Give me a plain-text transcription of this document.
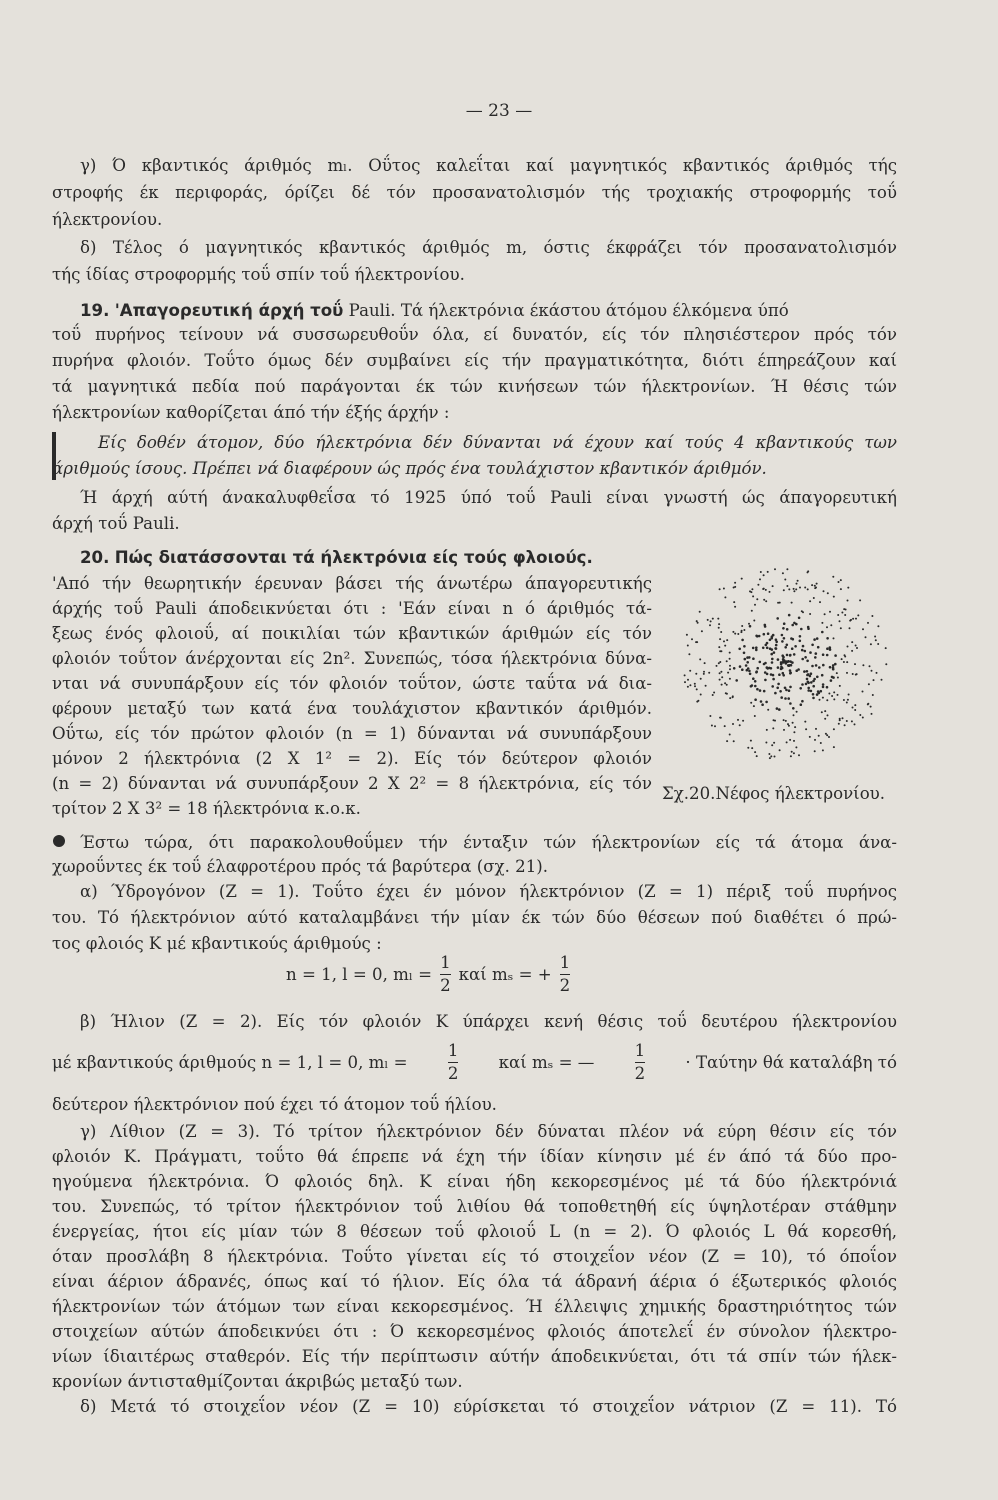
— 23 —
γ) Ό κβαντικός άριθμός mₗ. Οΰτος καλεΐται καί μαγνητικός κβαντικός άριθμός τής
στροφής έκ περιφοράς, όρίζει δέ τόν προσανατολισμόν τής τροχιακής στροφορμής τοΰ
ήλεκτρονίου.
δ) Τέλος ό μαγνητικός κβαντικός άριθμός m, όστις έκφράζει τόν προσανατολισμόν
τής ίδίας στροφορμής τοΰ σπίν τοΰ ήλεκτρονίου.
19. 'Απαγορευτική άρχή τοΰ Pauli. Τά ήλεκτρόνια έκάστου άτόμου έλκόμενα ύπό
τοΰ πυρήνος τείνουν νά συσσωρευθοΰν όλα, εί δυνατόν, είς τόν πλησιέστερον πρός τόν
πυρήνα φλοιόν. Τοΰτο όμως δέν συμβαίνει είς τήν πραγματικότητα, διότι έπηρεάζουν καί
τά μαγνητικά πεδία πού παράγονται έκ τών κινήσεων τών ήλεκτρονίων. Ή θέσις τών
ήλεκτρονίων καθορίζεται άπό τήν έξής άρχήν :
Είς δοθέν άτομον, δύο ήλεκτρόνια δέν δύνανται νά έχουν καί τούς 4 κβαντικούς των
άριθμούς ίσους. Πρέπει νά διαφέρουν ώς πρός ένα τουλάχιστον κβαντικόν άριθμόν.
Ή άρχή αύτή άνακαλυφθεΐσα τό 1925 ύπό τοΰ Pauli είναι γνωστή ώς άπαγορευτική
άρχή τοΰ Pauli.
20. Πώς διατάσσονται τά ήλεκτρόνια είς τούς φλοιούς.
'Από τήν θεωρητικήν έρευναν βάσει τής άνωτέρω άπαγορευτικής
άρχής τοΰ Pauli άποδεικνύεται ότι : 'Εάν είναι n ό άριθμός τά-
ξεως ένός φλοιοΰ, αί ποικιλίαι τών κβαντικών άριθμών είς τόν
φλοιόν τοΰτον άνέρχονται είς 2n². Συνεπώς, τόσα ήλεκτρόνια δύνα-
νται νά συνυπάρξουν είς τόν φλοιόν τοΰτον, ώστε ταΰτα νά δια-
φέρουν μεταξύ των κατά ένα τουλάχιστον κβαντικόν άριθμόν.
Οΰτω, είς τόν πρώτον φλοιόν (n = 1) δύνανται νά συνυπάρξουν
μόνον 2 ήλεκτρόνια (2 Χ 1² = 2). Είς τόν δεύτερον φλοιόν
(n = 2) δύνανται νά συνυπάρξουν 2 Χ 2² = 8 ήλεκτρόνια, είς τόν
τρίτον 2 Χ 3² = 18 ήλεκτρόνια κ.ο.κ.
Σχ.20.Νέφος ήλεκτρονίου.
Έστω τώρα, ότι παρακολουθοΰμεν τήν ένταξιν τών ήλεκτρονίων είς τά άτομα άνα-
χωροΰντες έκ τοΰ έλαφροτέρου πρός τά βαρύτερα (σχ. 21).
α) Ύδρογόνον (Ζ = 1). Τοΰτο έχει έν μόνον ήλεκτρόνιον (Ζ = 1) πέριξ τοΰ πυρήνος
του. Τό ήλεκτρόνιον αύτό καταλαμβάνει τήν μίαν έκ τών δύο θέσεων πού διαθέτει ό πρώ-
τος φλοιός Κ μέ κβαντικούς άριθμούς :
n = 1, l = 0, $m_l = \frac{1}{2}$ καί mₛ = + $\frac{1}{2}$
β) Ήλιον (Ζ = 2). Είς τόν φλοιόν Κ ύπάρχει κενή θέσις τοΰ δευτέρου ήλεκτρονίου
μέ κβαντικούς άριθμούς n = 1, l = 0, $m_l = \frac{1}{2}$ καί mₛ = — $\frac{1}{2} \cdot T\alpha ύ\tau\eta\nu$ θά καταλάβη τό
δεύτερον ήλεκτρόνιον πού έχει τό άτομον τοΰ ήλίου.
γ) Λίθιον (Ζ = 3). Τό τρίτον ήλεκτρόνιον δέν δύναται πλέον νά εύρη θέσιν είς τόν
φλοιόν Κ. Πράγματι, τοΰτο θά έπρεπε νά έχη τήν ίδίαν κίνησιν μέ έν άπό τά δύο προ-
ηγούμενα ήλεκτρόνια. Ό φλοιός δηλ. Κ είναι ήδη κεκορεσμένος μέ τά δύο ήλεκτρόνιά
του. Συνεπώς, τό τρίτον ήλεκτρόνιον τοΰ λιθίου θά τοποθετηθή είς ύψηλοτέραν στάθμην
ένεργείας, ήτοι είς μίαν τών 8 θέσεων τοΰ φλοιοΰ L (n = 2). Ό φλοιός L θά κορεσθή,
όταν προσλάβη 8 ήλεκτρόνια. Τοΰτο γίνεται είς τό στοιχεΐον νέον (Ζ = 10), τό όποΐον
είναι άέριον άδρανές, όπως καί τό ήλιον. Είς όλα τά άδρανή άέρια ό έξωτερικός φλοιός
ήλεκτρονίων τών άτόμων των είναι κεκορεσμένος. Ή έλλειψις χημικής δραστηριότητος τών
στοιχείων αύτών άποδεικνύει ότι : Ό κεκορεσμένος φλοιός άποτελεΐ έν σύνολον ήλεκτρο-
νίων ίδιαιτέρως σταθερόν. Είς τήν περίπτωσιν αύτήν άποδεικνύεται, ότι τά σπίν τών ήλεκ-
κρονίων άντισταθμίζονται άκριβώς μεταξύ των.
δ) Μετά τό στοιχεΐον νέον (Ζ = 10) εύρίσκεται τό στοιχεΐον νάτριον (Ζ = 11). Τό
